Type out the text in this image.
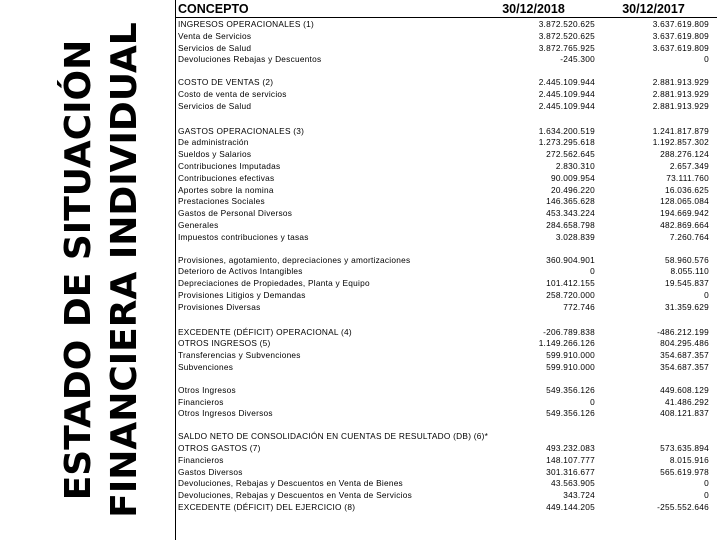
ESTADO DE SITUACIÓN FINANCIERA INDIVIDUAL
CONCEPTO	30/12/2018	30/12/2017
INGRESOS OPERACIONALES (1)	3.872.520.625	3.637.619.809
Venta de Servicios	3.872.520.625	3.637.619.809
Servicios de Salud	3.872.765.925	3.637.619.809
Devoluciones Rebajas y Descuentos	-245.300	0
COSTO DE VENTAS (2)	2.445.109.944	2.881.913.929
Costo de venta de servicios	2.445.109.944	2.881.913.929
Servicios de Salud	2.445.109.944	2.881.913.929
GASTOS OPERACIONALES (3)	1.634.200.519	1.241.817.879
De administración	1.273.295.618	1.192.857.302
Sueldos y Salarios	272.562.645	288.276.124
Contribuciones Imputadas	2.830.310	2.657.349
Contribuciones efectivas	90.009.954	73.111.760
Aportes sobre la nomina	20.496.220	16.036.625
Prestaciones Sociales	146.365.628	128.065.084
Gastos de Personal Diversos	453.343.224	194.669.942
Generales	284.658.798	482.869.664
Impuestos contribuciones y tasas	3.028.839	7.260.764
Provisiones, agotamiento, depreciaciones y amortizaciones	360.904.901	58.960.576
Deterioro de Activos Intangibles	0	8.055.110
Depreciaciones de Propiedades, Planta y Equipo	101.412.155	19.545.837
Provisiones Litigios y Demandas	258.720.000	0
Provisiones Diversas	772.746	31.359.629
EXCEDENTE (DÉFICIT) OPERACIONAL (4)	-206.789.838	-486.212.199
OTROS INGRESOS (5)	1.149.266.126	804.295.486
Transferencias y Subvenciones	599.910.000	354.687.357
Subvenciones	599.910.000	354.687.357
Otros Ingresos	549.356.126	449.608.129
Financieros	0	41.486.292
Otros Ingresos Diversos	549.356.126	408.121.837
SALDO NETO DE CONSOLIDACIÓN EN CUENTAS DE RESULTADO (DB) (6)*
OTROS GASTOS (7)	493.232.083	573.635.894
Financieros	148.107.777	8.015.916
Gastos Diversos	301.316.677	565.619.978
Devoluciones, Rebajas y Descuentos en Venta de Bienes	43.563.905	0
Devoluciones, Rebajas y Descuentos en Venta de Servicios	343.724	0
EXCEDENTE (DÉFICIT) DEL EJERCICIO (8)	449.144.205	-255.552.646
